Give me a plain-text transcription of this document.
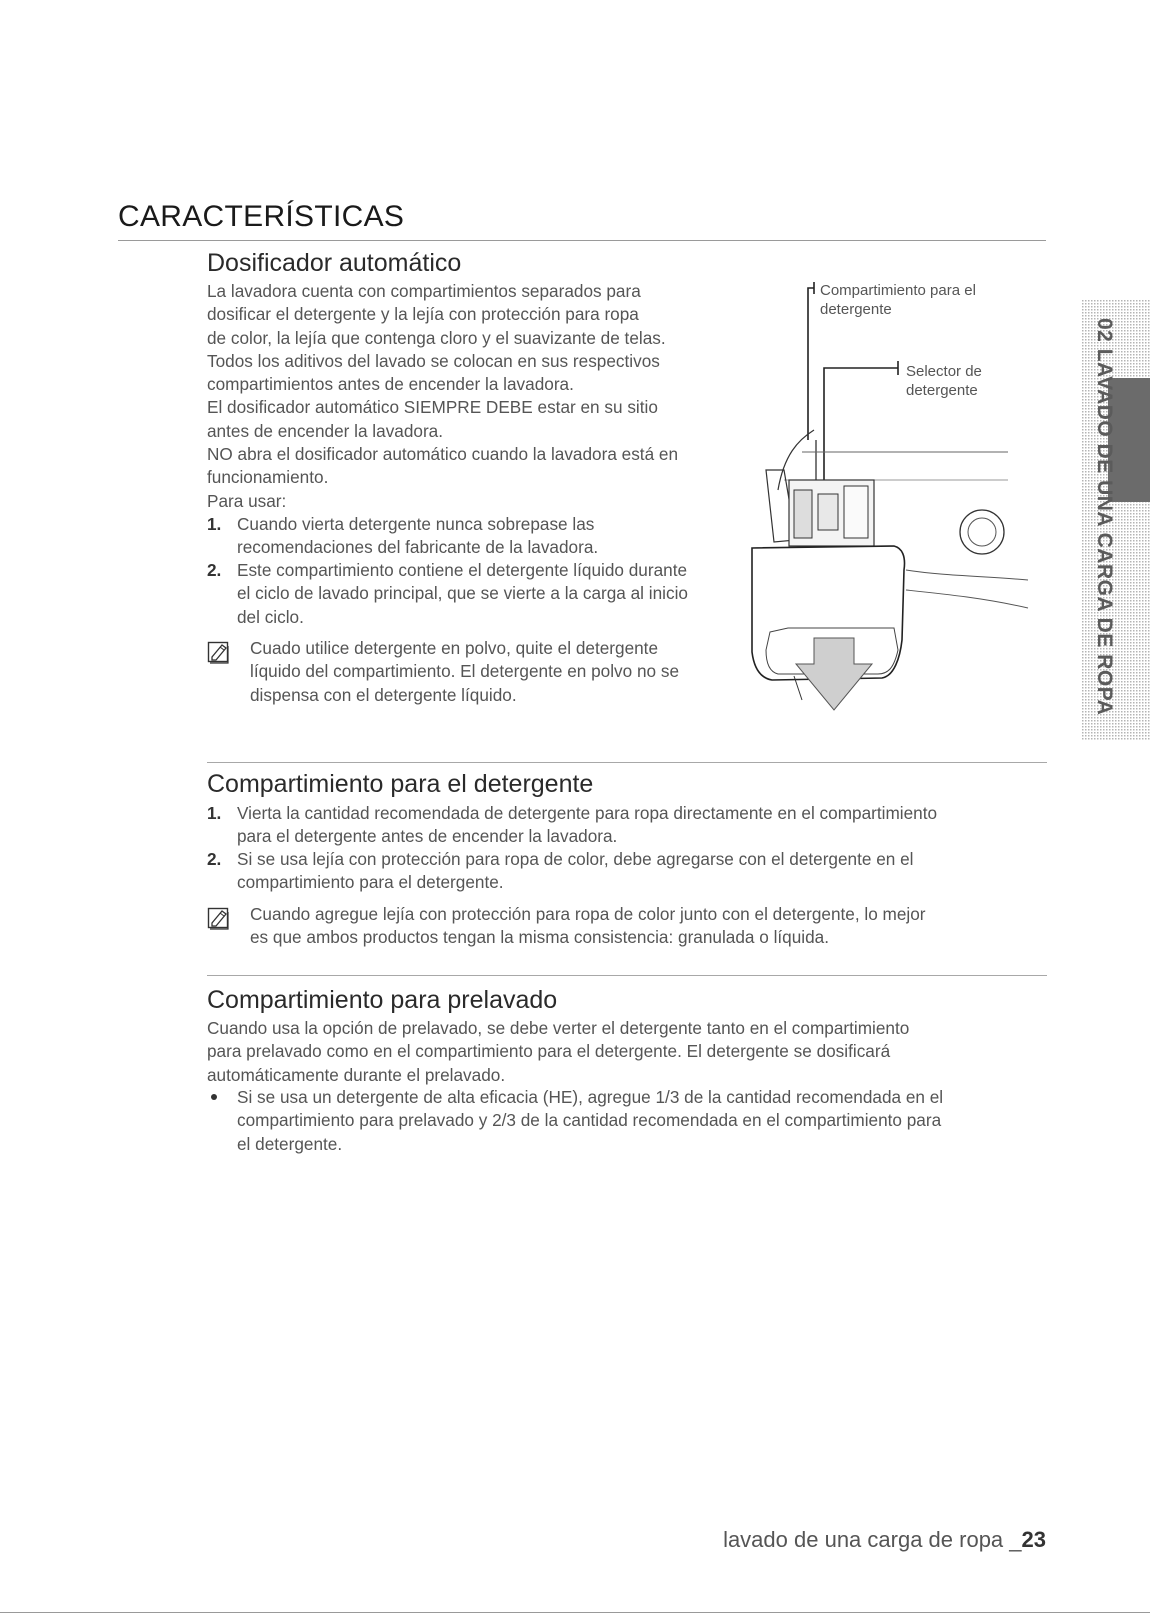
CARACTERÍSTICAS
Dosificador automático
La lavadora cuenta con compartimientos separados para
dosificar el detergente y la lejía con protección para ropa
de color, la lejía que contenga cloro y el suavizante de telas.
Todos los aditivos del lavado se colocan en sus respectivos
compartimientos antes de encender la lavadora.
El dosificador automático SIEMPRE DEBE estar en su sitio
antes de encender la lavadora.
NO abra el dosificador automático cuando la lavadora está en
funcionamiento.
Para usar:
1. Cuando vierta detergente nunca sobrepase las
recomendaciones del fabricante de la lavadora.
2. Este compartimiento contiene el detergente líquido durante
el ciclo de lavado principal, que se vierte a la carga al inicio
del ciclo.
Cuado utilice detergente en polvo, quite el detergente
líquido del compartimiento. El detergente en polvo no se
dispensa con el detergente líquido.
Compartimiento para el
detergente
Selector de
detergente
Compartimiento para el detergente
1. Vierta la cantidad recomendada de detergente para ropa directamente en el compartimiento
para el detergente antes de encender la lavadora.
2. Si se usa lejía con protección para ropa de color, debe agregarse con el detergente en el
compartimiento para el detergente.
Cuando agregue lejía con protección para ropa de color junto con el detergente, lo mejor
es que ambos productos tengan la misma consistencia: granulada o líquida.
Compartimiento para prelavado
Cuando usa la opción de prelavado, se debe verter el detergente tanto en el compartimiento
para prelavado como en el compartimiento para el detergente. El detergente se dosificará
automáticamente durante el prelavado.
Si se usa un detergente de alta eficacia (HE), agregue 1/3 de la cantidad recomendada en el
compartimiento para prelavado y 2/3 de la cantidad recomendada en el compartimiento para
el detergente.
02 LAVADO DE UNA CARGA DE ROPA
lavado de una carga de ropa _23
